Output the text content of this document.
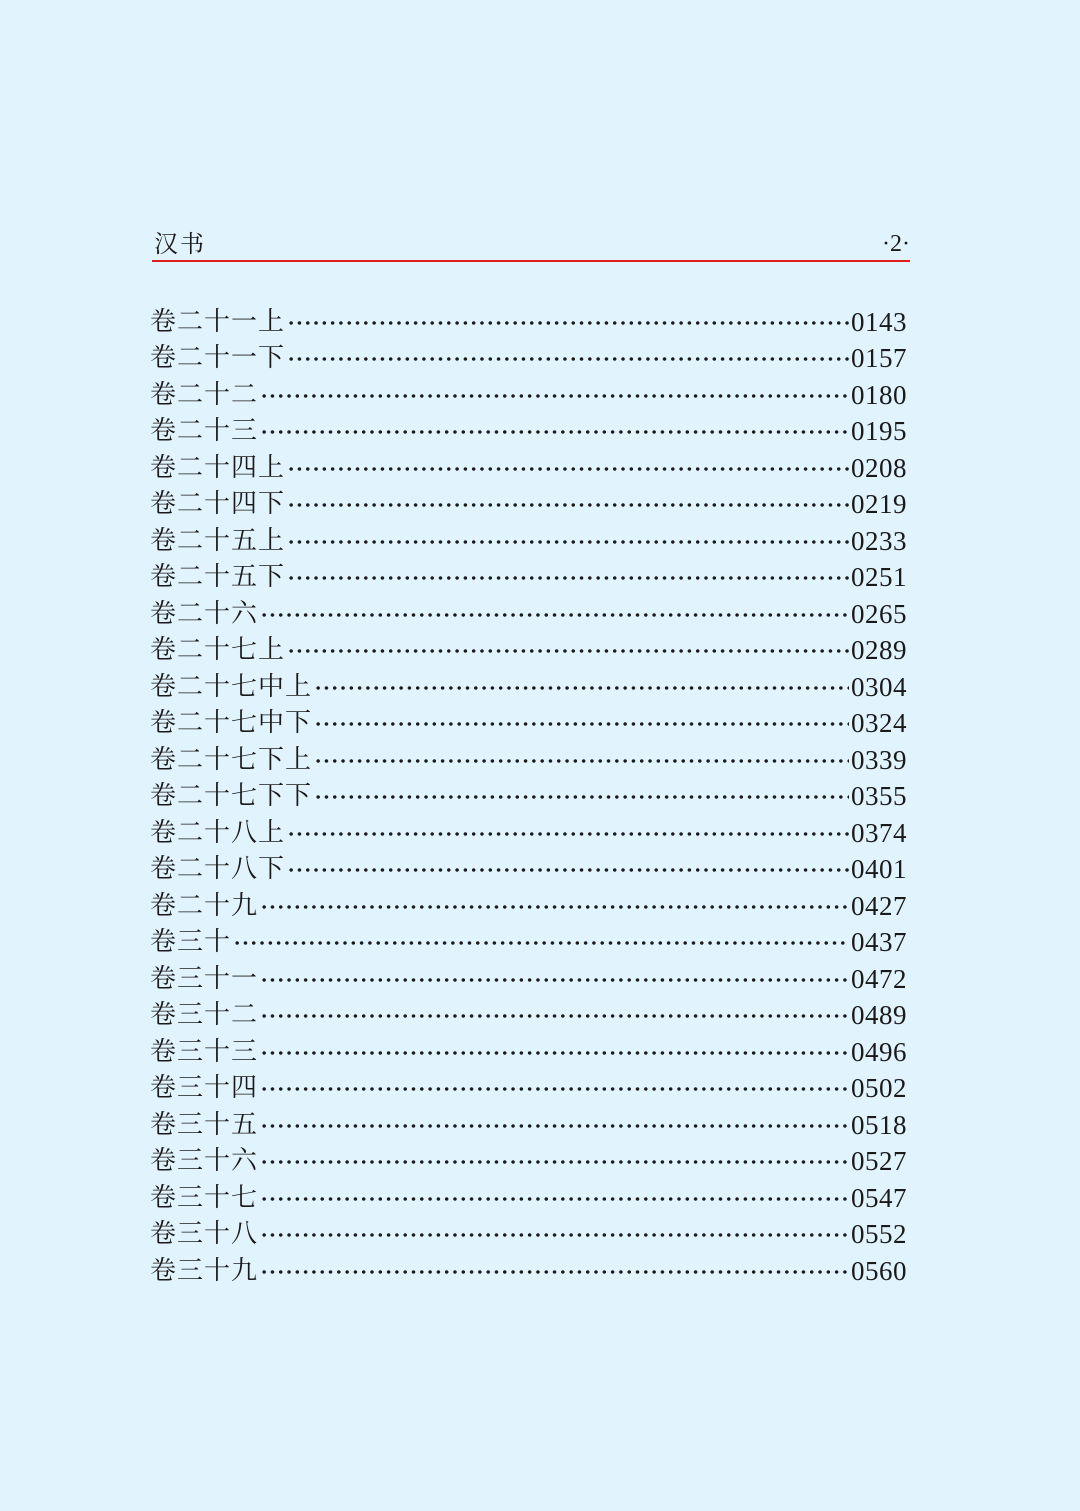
汉书	·2·
卷二十一上	0143
卷二十一下	0157
卷二十二	0180
卷二十三	0195
卷二十四上	0208
卷二十四下	0219
卷二十五上	0233
卷二十五下	0251
卷二十六	0265
卷二十七上	0289
卷二十七中上	0304
卷二十七中下	0324
卷二十七下上	0339
卷二十七下下	0355
卷二十八上	0374
卷二十八下	0401
卷二十九	0427
卷三十	0437
卷三十一	0472
卷三十二	0489
卷三十三	0496
卷三十四	0502
卷三十五	0518
卷三十六	0527
卷三十七	0547
卷三十八	0552
卷三十九	0560
